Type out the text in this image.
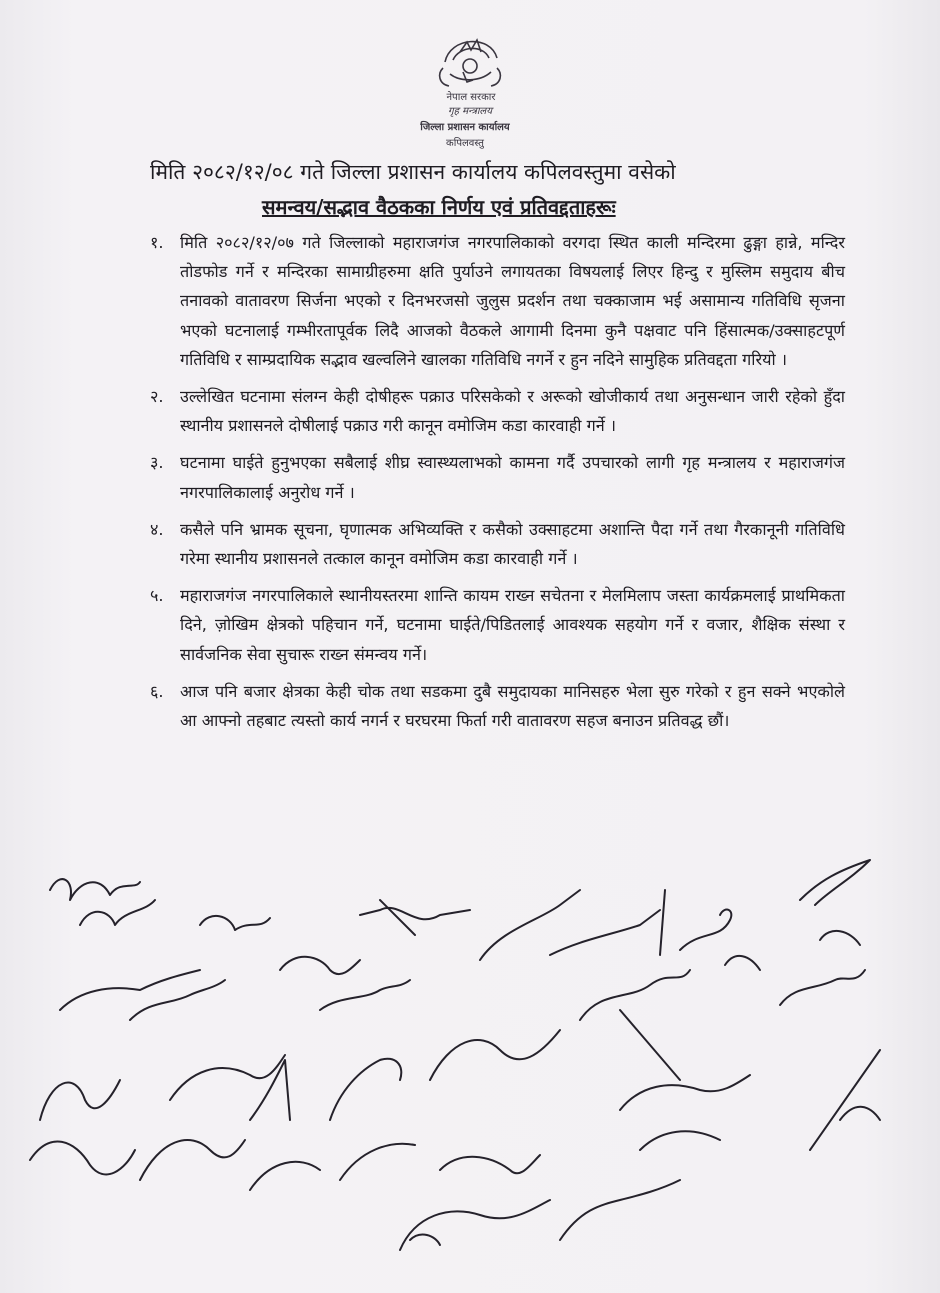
नेपाल सरकार
गृह मन्त्रालय
जिल्ला प्रशासन कार्यालय
कपिलवस्तु
मिति २०८२/१२/०८ गते जिल्ला प्रशासन कार्यालय कपिलवस्तुमा वसेको
समन्वय/सद्भाव वैठकका निर्णय एवं प्रतिवद्दताहरूः
१. मिति २०८२/१२/०७ गते जिल्लाको महाराजगंज नगरपालिकाको वरगदा स्थित काली मन्दिरमा ढुङ्गा हान्ने, मन्दिर तोडफोड गर्ने र मन्दिरका सामाग्रीहरुमा क्षति पुर्याउने लगायतका विषयलाई लिएर हिन्दु र मुस्लिम समुदाय बीच तनावको वातावरण सिर्जना भएको र दिनभरजसो जुलुस प्रदर्शन तथा चक्काजाम भई असामान्य गतिविधि सृजना भएको घटनालाई गम्भीरतापूर्वक लिदै आजको वैठकले आगामी दिनमा कुनै पक्षवाट पनि हिंसात्मक/उक्साहटपूर्ण गतिविधि र साम्प्रदायिक सद्भाव खल्वलिने खालका गतिविधि नगर्ने र हुन नदिने सामुहिक प्रतिवद्दता गरियो ।
२. उल्लेखित घटनामा संलग्न केही दोषीहरू पक्राउ परिसकेको र अरूको खोजीकार्य तथा अनुसन्धान जारी रहेको हुँदा स्थानीय प्रशासनले दोषीलाई पक्राउ गरी कानून वमोजिम कडा कारवाही गर्ने ।
३. घटनामा घाईते हुनुभएका सबैलाई शीघ्र स्वास्थ्यलाभको कामना गर्दै उपचारको लागी गृह मन्त्रालय र महाराजगंज नगरपालिकालाई अनुरोध गर्ने ।
४. कसैले पनि भ्रामक सूचना, घृणात्मक अभिव्यक्ति र कसैको उक्साहटमा अशान्ति पैदा गर्ने तथा गैरकानूनी गतिविधि गरेमा स्थानीय प्रशासनले तत्काल कानून वमोजिम कडा कारवाही गर्ने ।
५. महाराजगंज नगरपालिकाले स्थानीयस्तरमा शान्ति कायम राख्न सचेतना र मेलमिलाप जस्ता कार्यक्रमलाई प्राथमिकता दिने, ज़ोखिम क्षेत्रको पहिचान गर्ने, घटनामा घाईते/पिडितलाई आवश्यक सहयोग गर्ने र वजार, शैक्षिक संस्था र सार्वजनिक सेवा सुचारू राख्न संमन्वय गर्ने।
६. आज पनि बजार क्षेत्रका केही चोक तथा सडकमा दुबै समुदायका मानिसहरु भेला सुरु गरेको र हुन सक्ने भएकोले आ आफ्नो तहबाट त्यस्तो कार्य नगर्न र घरघरमा फिर्ता गरी वातावरण सहज बनाउन प्रतिवद्ध छौं।
